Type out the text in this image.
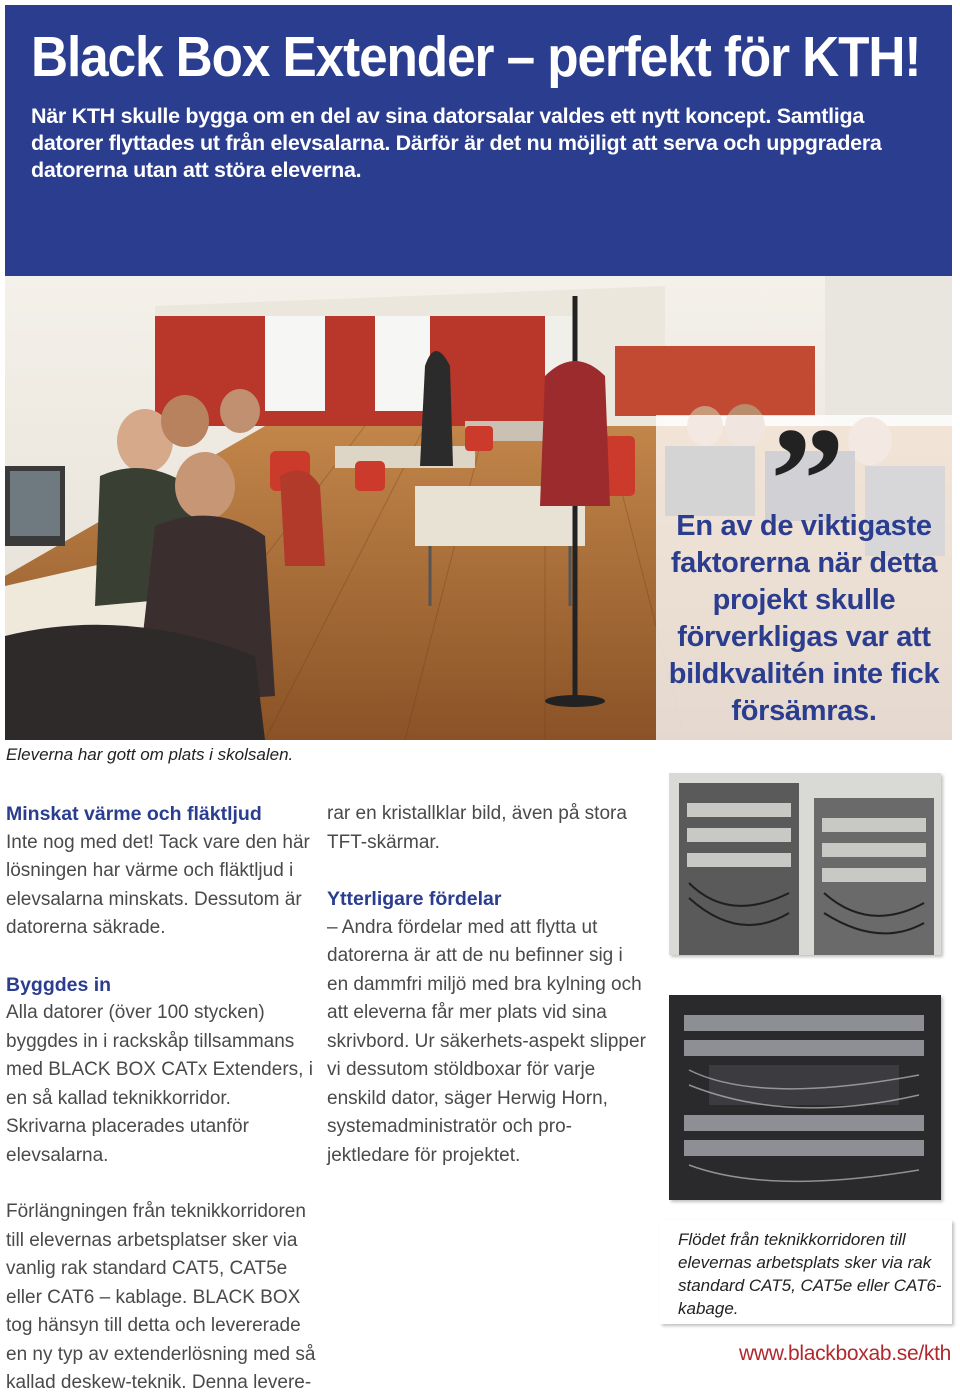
Black Box Extender – perfekt för KTH!

När KTH skulle bygga om en del av sina datorsalar valdes ett nytt koncept. Samtliga datorer flyttades ut från elevsalarna. Därför är det nu möjligt att serva och uppgradera datorerna utan att störa eleverna.

”
En av de viktigaste faktorerna när detta projekt skulle förverkligas var att bildkvalitén inte fick försämras.
Eleverna har gott om plats i skolsalen.
Minskat värme och fläktljud

Inte nog med det! Tack vare den här lösningen har värme och fläktljud i elevsalarna minskats. Dessutom är datorerna säkrade.

Byggdes in

Alla datorer (över 100 stycken) byggdes in i rackskåp tillsammans med BLACK BOX CATx Extenders, i en så kallad teknikkorridor. Skrivarna placerades utanför elevsalarna.

Förlängningen från teknikkorridoren till elevernas arbetsplatser sker via vanlig rak standard CAT5, CAT5e eller CAT6 – kablage. BLACK BOX tog hänsyn till detta och levererade en ny typ av extenderlösning med så kallad deskew-teknik. Denna levere-

rar en kristallklar bild, även på stora TFT-skärmar.

Ytterligare fördelar

– Andra fördelar med att flytta ut datorerna är att de nu befinner sig i en dammfri miljö med bra kylning och att eleverna får mer plats vid sina skrivbord. Ur säkerhets-aspekt slipper vi dessutom stöldboxar för varje enskild dator, säger Herwig Horn, systemadministratör och pro-jektledare för projektet.

Flödet från teknikkorridoren till elevernas arbetsplats sker via rak standard CAT5, CAT5e eller CAT6-kabage.
www.blackboxab.se/kth
